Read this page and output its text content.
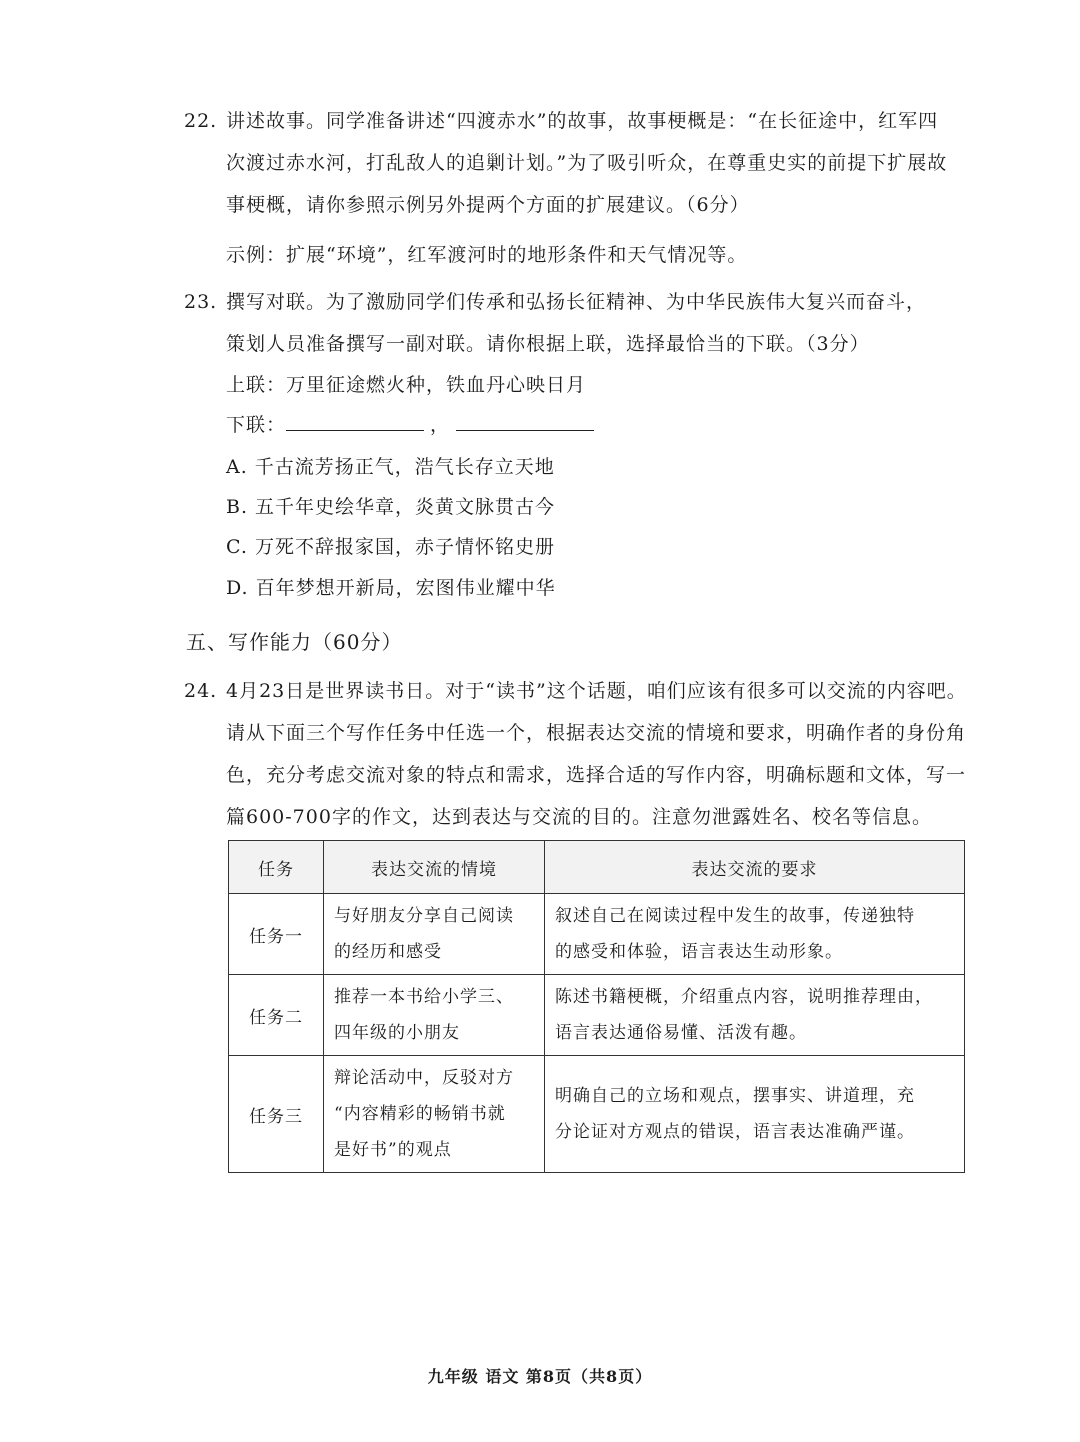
22. 讲述故事。同学准备讲述“四渡赤水”的故事，故事梗概是：“在长征途中，红军四
次渡过赤水河，打乱敌人的追剿计划。”为了吸引听众，在尊重史实的前提下扩展故
事梗概，请你参照示例另外提两个方面的扩展建议。（6分）
示例：扩展“环境”，红军渡河时的地形条件和天气情况等。
23. 撰写对联。为了激励同学们传承和弘扬长征精神、为中华民族伟大复兴而奋斗，
策划人员准备撰写一副对联。请你根据上联，选择最恰当的下联。（3分）
上联：万里征途燃火种，铁血丹心映日月
下联：	，
A. 千古流芳扬正气，浩气长存立天地
B. 五千年史绘华章，炎黄文脉贯古今
C. 万死不辞报家国，赤子情怀铭史册
D. 百年梦想开新局，宏图伟业耀中华
五、写作能力（60分）
24. 4月23日是世界读书日。对于“读书”这个话题，咱们应该有很多可以交流的内容吧。
请从下面三个写作任务中任选一个，根据表达交流的情境和要求，明确作者的身份角
色，充分考虑交流对象的特点和需求，选择合适的写作内容，明确标题和文体，写一
篇600-700字的作文，达到表达与交流的目的。注意勿泄露姓名、校名等信息。
任务	表达交流的情境	表达交流的要求
任务一	与好朋友分享自己阅读
的经历和感受	叙述自己在阅读过程中发生的故事，传递独特
的感受和体验，语言表达生动形象。

任务二	推荐一本书给小学三、
四年级的小朋友	陈述书籍梗概，介绍重点内容，说明推荐理由，
语言表达通俗易懂、活泼有趣。

任务三	辩论活动中，反驳对方
“内容精彩的畅销书就
是好书”的观点	明确自己的立场和观点，摆事实、讲道理，充
分论证对方观点的错误，语言表达准确严谨。
九年级 语文 第8页（共8页）
